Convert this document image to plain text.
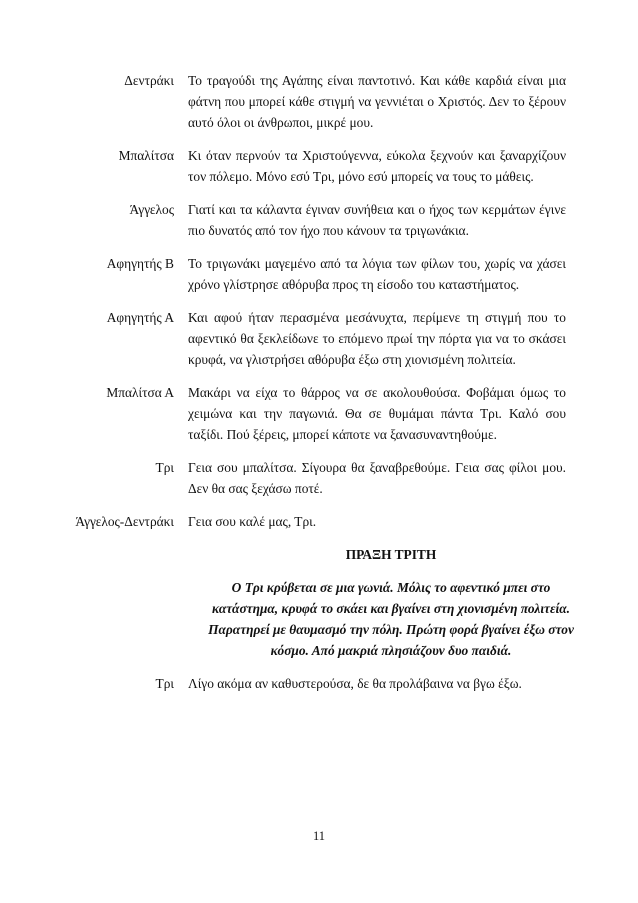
Δεντράκι	Το τραγούδι της Αγάπης είναι παντοτινό. Και κάθε καρδιά είναι μια φάτνη που μπορεί κάθε στιγμή να γεννιέται ο Χριστός. Δεν το ξέρουν αυτό όλοι οι άνθρωποι, μικρέ μου.
Μπαλίτσα	Κι όταν περνούν τα Χριστούγεννα, εύκολα ξεχνούν και ξαναρχίζουν τον πόλεμο. Μόνο εσύ Τρι, μόνο εσύ μπορείς να τους το μάθεις.
Άγγελος	Γιατί και τα κάλαντα έγιναν συνήθεια και ο ήχος των κερμάτων έγινε πιο δυνατός από τον ήχο που κάνουν τα τριγωνάκια.
Αφηγητής Β	Το τριγωνάκι μαγεμένο από τα λόγια των φίλων του, χωρίς να χάσει χρόνο γλίστρησε αθόρυβα προς τη είσοδο του καταστήματος.
Αφηγητής Α	Και αφού ήταν περασμένα μεσάνυχτα, περίμενε τη στιγμή που το αφεντικό θα ξεκλείδωνε το επόμενο πρωί την πόρτα για να το σκάσει κρυφά, να γλιστρήσει αθόρυβα έξω στη χιονισμένη πολιτεία.
Μπαλίτσα Α	Μακάρι να είχα το θάρρος να σε ακολουθούσα. Φοβάμαι όμως το χειμώνα και την παγωνιά. Θα σε θυμάμαι πάντα Τρι. Καλό σου ταξίδι. Πού ξέρεις, μπορεί κάποτε να ξανασυναντηθούμε.
Τρι	Γεια σου μπαλίτσα. Σίγουρα θα ξαναβρεθούμε. Γεια σας φίλοι μου. Δεν θα σας ξεχάσω ποτέ.
Άγγελος-Δεντράκι	Γεια σου καλέ μας, Τρι.
ΠΡΑΞΗ ΤΡΙΤΗ
Ο Τρι κρύβεται σε μια γωνιά. Μόλις το αφεντικό μπει στο κατάστημα, κρυφά το σκάει και βγαίνει στη χιονισμένη πολιτεία. Παρατηρεί με θαυμασμό την πόλη. Πρώτη φορά βγαίνει έξω στον κόσμο. Από μακριά πλησιάζουν δυο παιδιά.
Τρι	Λίγο ακόμα αν καθυστερούσα, δε θα προλάβαινα να βγω έξω.
11
